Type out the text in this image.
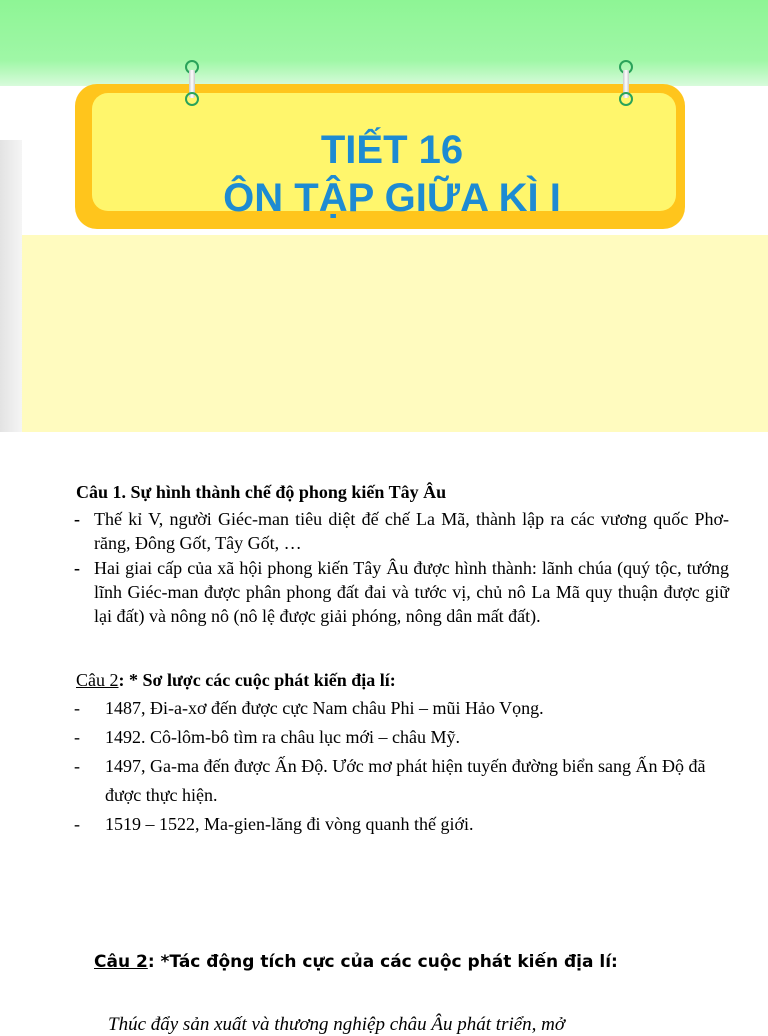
TIẾT 16
ÔN TẬP GIỮA KÌ I
Câu 1. Sự hình thành chế độ phong kiến Tây Âu
- Thế kỉ V, người Giéc-man tiêu diệt đế chế La Mã, thành lập ra các vương quốc Phơ-răng, Đông Gốt, Tây Gốt, …
- Hai giai cấp của xã hội phong kiến Tây Âu được hình thành: lãnh chúa (quý tộc, tướng lĩnh Giéc-man được phân phong đất đai và tước vị, chủ nô La Mã quy thuận được giữ lại đất) và nông nô (nô lệ được giải phóng, nông dân mất đất).
Câu 2: * Sơ lược các cuộc phát kiến địa lí:
- 1487, Đi-a-xơ đến được cực Nam châu Phi – mũi Hảo Vọng.
- 1492. Cô-lôm-bô tìm ra châu lục mới – châu Mỹ.
- 1497, Ga-ma đến được Ấn Độ. Ước mơ phát hiện tuyến đường biển sang Ấn Độ đã được thực hiện.
- 1519 – 1522, Ma-gien-lăng đi vòng quanh thế giới.
Câu 2: *Tác động tích cực của các cuộc phát kiến địa lí:
Thúc đẩy sản xuất và thương nghiệp châu Âu phát triển, mở
